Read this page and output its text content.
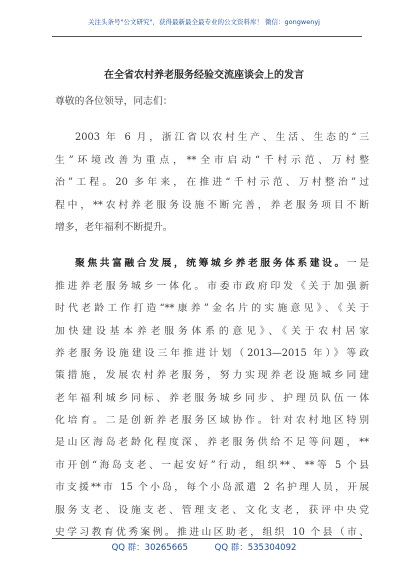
关注头条号"公文研究"，获得最新最全最专业的公文资料库！ 微信：gongwenyj
在全省农村养老服务经验交流座谈会上的发言
尊敬的各位领导，同志们：
2003 年 6 月，浙江省以农村生产、生活、生态的“三
生”环境改善为重点，**全市启动“千村示范、万村整
治”工程。20 多年来，在推进“千村示范、万村整治”过
程中，**农村养老服务设施不断完善，养老服务项目不断
增多，老年福利不断提升。
聚焦共富融合发展，统筹城乡养老服务体系建设。一是
推进养老服务城乡一体化。市委市政府印发《关于加强新
时代老龄工作打造“**康养”金名片的实施意见》、《关于
加快建设基本养老服务体系的意见》、《关于农村居家
养老服务设施建设三年推进计划（2013—2015 年）》等政
策措施，发展农村养老服务，努力实现养老设施城乡同建
老年福利城乡同标、养老服务城乡同步、护理员队伍一体
化培育。二是创新养老服务区域协作。针对农村地区特别
是山区海岛老龄化程度深、养老服务供给不足等问题，**
市开创“海岛支老、一起安好”行动，组织**、**等 5 个县
市支援**市 15 个小岛，每个小岛派遣 2 名护理人员，开展
服务支老、设施支老、管理支老、文化支老，获评中央党
史学习教育优秀案例。推进山区助老，组织 10 个县（市、
QQ 群：30265665	QQ 群：535304092
